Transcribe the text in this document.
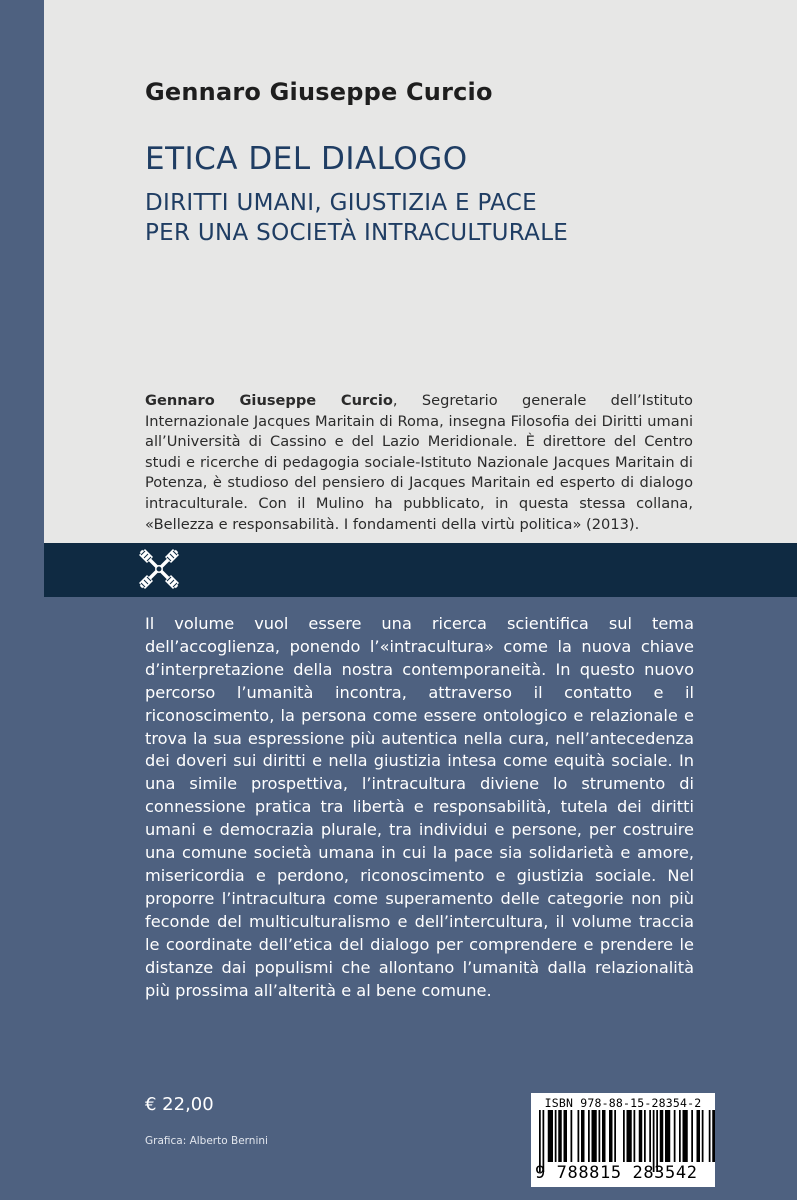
Gennaro Giuseppe Curcio
ETICA DEL DIALOGO
DIRITTI UMANI, GIUSTIZIA E PACE
PER UNA SOCIETÀ INTRACULTURALE

Gennaro Giuseppe Curcio, Segretario generale dell’Istituto Internazionale Jacques Maritain di Roma, insegna Filosofia dei Diritti umani all’Università di Cassino e del Lazio Meridionale. È direttore del Centro studi e ricerche di pedagogia sociale-Istituto Nazionale Jacques Maritain di Potenza, è studioso del pensiero di Jacques Maritain ed esperto di dialogo intraculturale. Con il Mulino ha pubblicato, in questa stessa collana, «Bellezza e responsabilità. I fondamenti della virtù politica» (2013).

Il volume vuol essere una ricerca scientifica sul tema dell’accoglienza, ponendo l’«intracultura» come la nuova chiave d’interpretazione della nostra contemporaneità. In questo nuovo percorso l’umanità incontra, attraverso il contatto e il riconoscimento, la persona come essere ontologico e relazionale e trova la sua espressione più autentica nella cura, nell’antecedenza dei doveri sui diritti e nella giustizia intesa come equità sociale. In una simile prospettiva, l’intracultura diviene lo strumento di connessione pratica tra libertà e responsabilità, tutela dei diritti umani e democrazia plurale, tra individui e persone, per costruire una comune società umana in cui la pace sia solidarietà e amore, misericordia e perdono, riconoscimento e giustizia sociale. Nel proporre l’intracultura come superamento delle categorie non più feconde del multiculturalismo e dell’intercultura, il volume traccia le coordinate dell’etica del dialogo per comprendere e prendere le distanze dai populismi che allontano l’umanità dalla relazionalità più prossima all’alterità e al bene comune.

€ 22,00
Grafica: Alberto Bernini
ISBN 978-88-15-28354-2
9 788815 283542
